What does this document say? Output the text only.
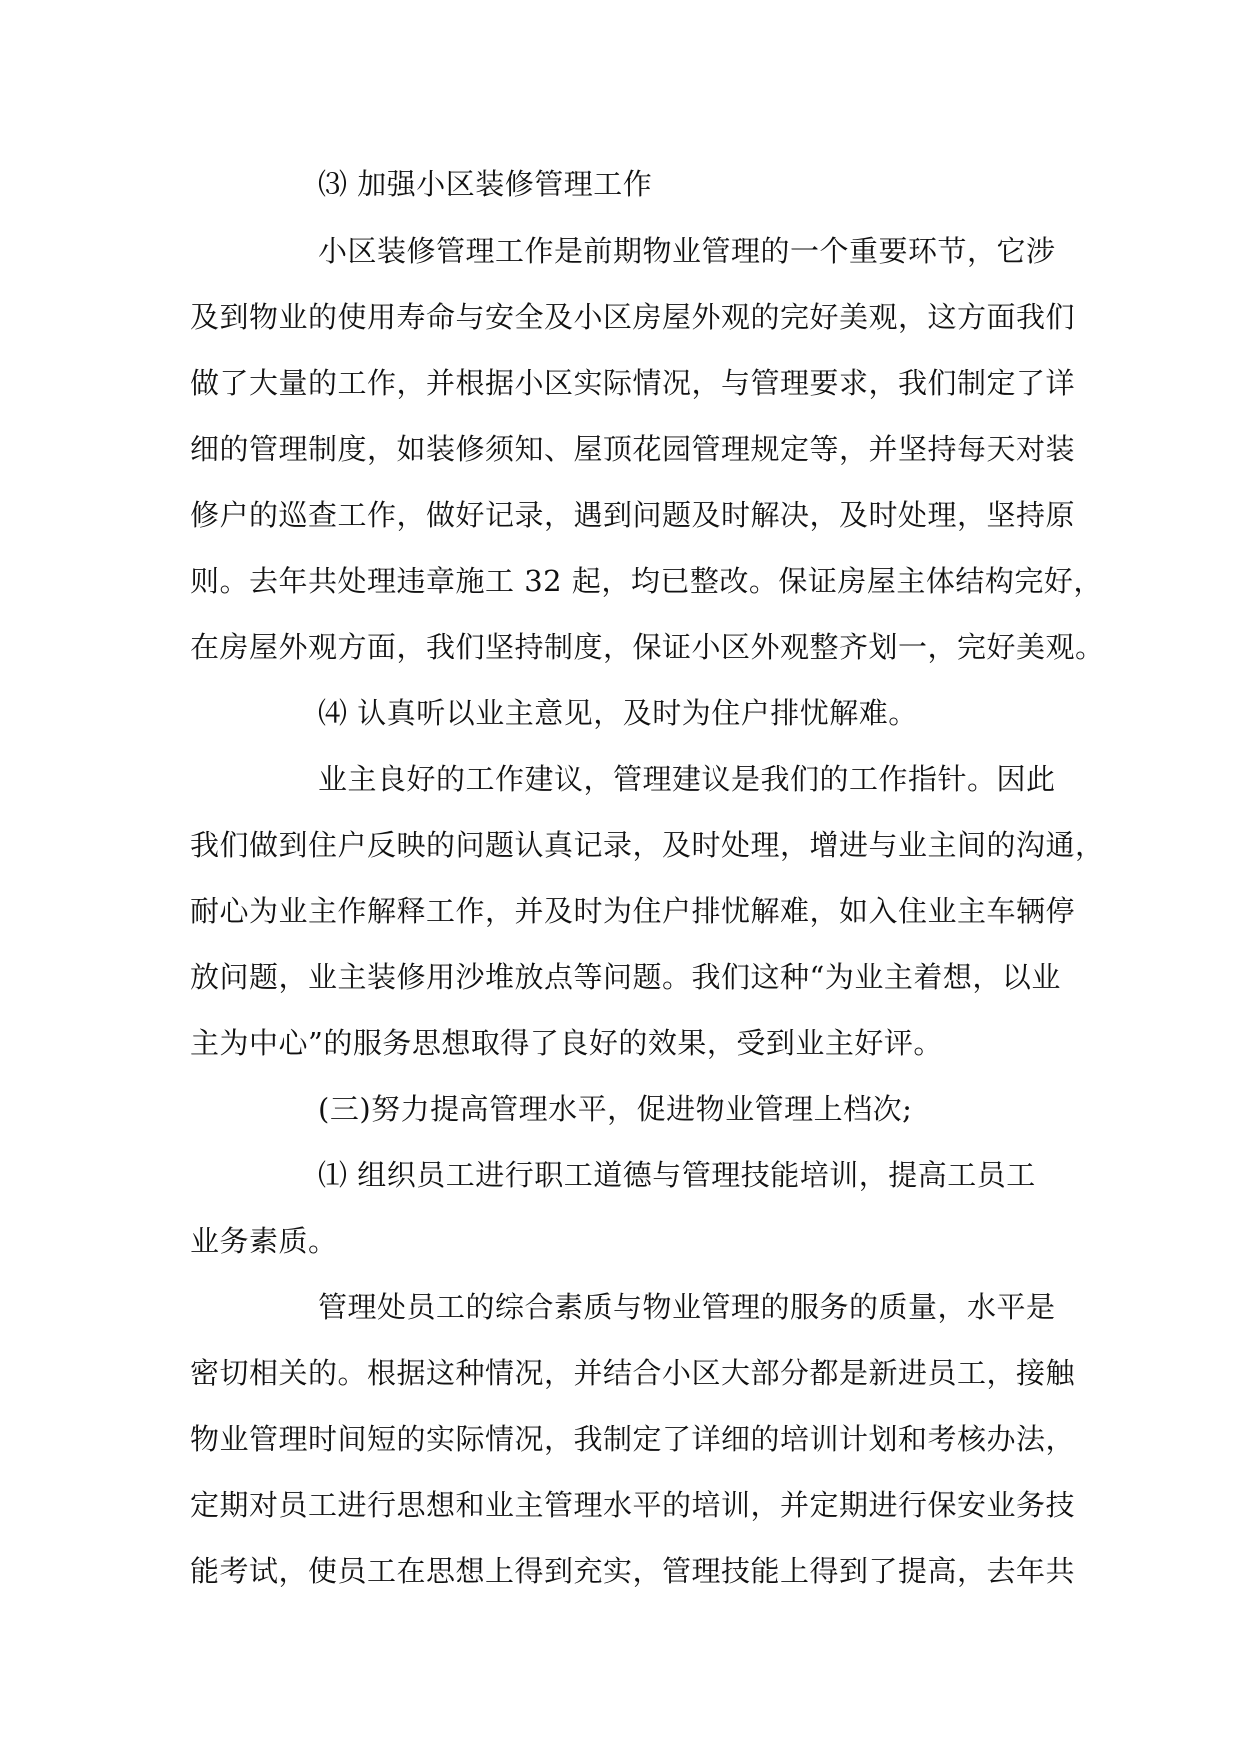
⑶ 加强小区装修管理工作
小区装修管理工作是前期物业管理的一个重要环节，它涉
及到物业的使用寿命与安全及小区房屋外观的完好美观，这方面我们
做了大量的工作，并根据小区实际情况，与管理要求，我们制定了详
细的管理制度，如装修须知、屋顶花园管理规定等，并坚持每天对装
修户的巡查工作，做好记录，遇到问题及时解决，及时处理，坚持原
则。去年共处理违章施工 32 起，均已整改。保证房屋主体结构完好，
在房屋外观方面，我们坚持制度，保证小区外观整齐划一，完好美观。
⑷ 认真听以业主意见，及时为住户排忧解难。
业主良好的工作建议，管理建议是我们的工作指针。因此
我们做到住户反映的问题认真记录，及时处理，增进与业主间的沟通，
耐心为业主作解释工作，并及时为住户排忧解难，如入住业主车辆停
放问题，业主装修用沙堆放点等问题。我们这种“为业主着想，以业
主为中心”的服务思想取得了良好的效果，受到业主好评。
(三)努力提高管理水平，促进物业管理上档次;
⑴ 组织员工进行职工道德与管理技能培训，提高工员工
业务素质。
管理处员工的综合素质与物业管理的服务的质量，水平是
密切相关的。根据这种情况，并结合小区大部分都是新进员工，接触
物业管理时间短的实际情况，我制定了详细的培训计划和考核办法，
定期对员工进行思想和业主管理水平的培训，并定期进行保安业务技
能考试，使员工在思想上得到充实，管理技能上得到了提高，去年共
